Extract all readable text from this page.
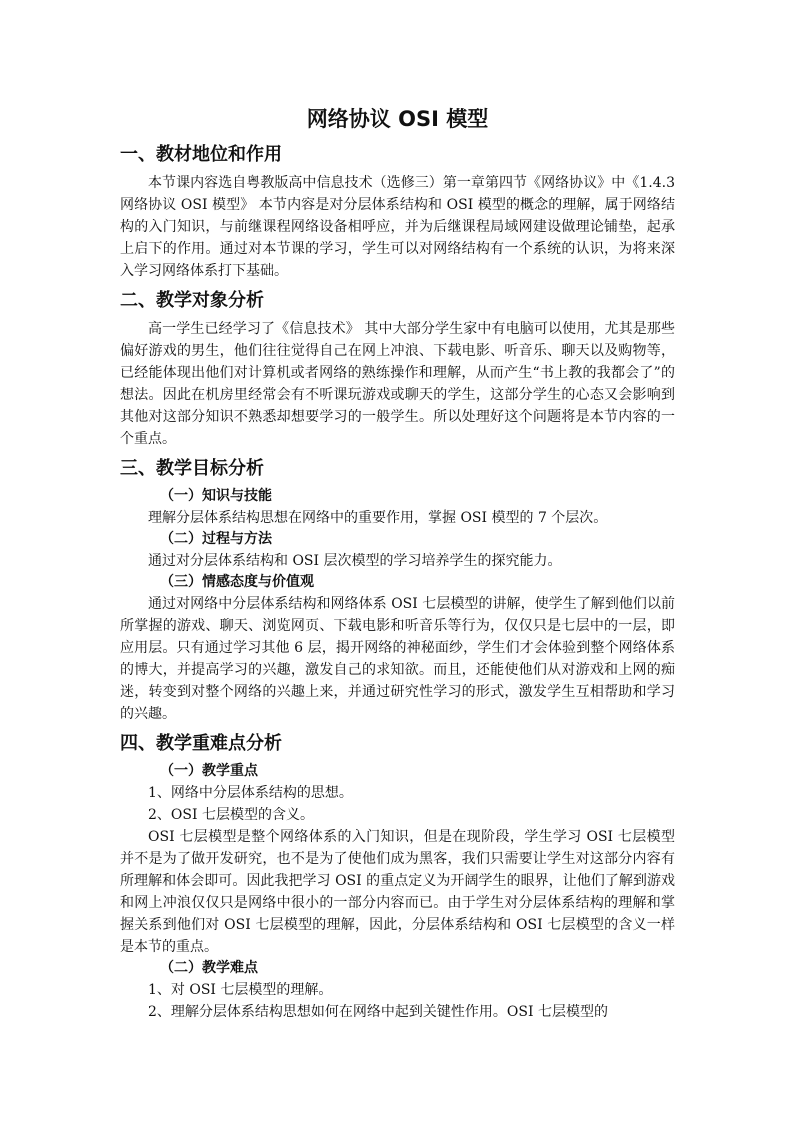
网络协议 OSI 模型
一、教材地位和作用

本节课内容选自粤教版高中信息技术（选修三）第一章第四节《网络协议》中《1.4.3 网络协议 OSI 模型》 本节内容是对分层体系结构和 OSI 模型的概念的理解，属于网络结构的入门知识，与前继课程网络设备相呼应，并为后继课程局域网建设做理论铺垫，起承上启下的作用。通过对本节课的学习，学生可以对网络结构有一个系统的认识，为将来深入学习网络体系打下基础。

二、教学对象分析

高一学生已经学习了《信息技术》 其中大部分学生家中有电脑可以使用，尤其是那些偏好游戏的男生，他们往往觉得自己在网上冲浪、下载电影、听音乐、聊天以及购物等，已经能体现出他们对计算机或者网络的熟练操作和理解，从而产生“书上教的我都会了”的想法。因此在机房里经常会有不听课玩游戏或聊天的学生，这部分学生的心态又会影响到其他对这部分知识不熟悉却想要学习的一般学生。所以处理好这个问题将是本节内容的一个重点。

三、教学目标分析
（一）知识与技能

理解分层体系结构思想在网络中的重要作用，掌握 OSI 模型的 7 个层次。

（二）过程与方法

通过对分层体系结构和 OSI 层次模型的学习培养学生的探究能力。

（三）情感态度与价值观

通过对网络中分层体系结构和网络体系 OSI 七层模型的讲解，使学生了解到他们以前所掌握的游戏、聊天、浏览网页、下载电影和听音乐等行为，仅仅只是七层中的一层，即应用层。只有通过学习其他 6 层，揭开网络的神秘面纱，学生们才会体验到整个网络体系的博大，并提高学习的兴趣，激发自己的求知欲。而且，还能使他们从对游戏和上网的痴迷，转变到对整个网络的兴趣上来，并通过研究性学习的形式，激发学生互相帮助和学习的兴趣。

四、教学重难点分析
（一）教学重点

1、网络中分层体系结构的思想。

2、OSI 七层模型的含义。

OSI 七层模型是整个网络体系的入门知识，但是在现阶段，学生学习 OSI 七层模型并不是为了做开发研究，也不是为了使他们成为黑客，我们只需要让学生对这部分内容有所理解和体会即可。因此我把学习 OSI 的重点定义为开阔学生的眼界，让他们了解到游戏和网上冲浪仅仅只是网络中很小的一部分内容而已。由于学生对分层体系结构的理解和掌握关系到他们对 OSI 七层模型的理解，因此，分层体系结构和 OSI 七层模型的含义一样是本节的重点。

（二）教学难点

1、对 OSI 七层模型的理解。

2、理解分层体系结构思想如何在网络中起到关键性作用。OSI 七层模型的
